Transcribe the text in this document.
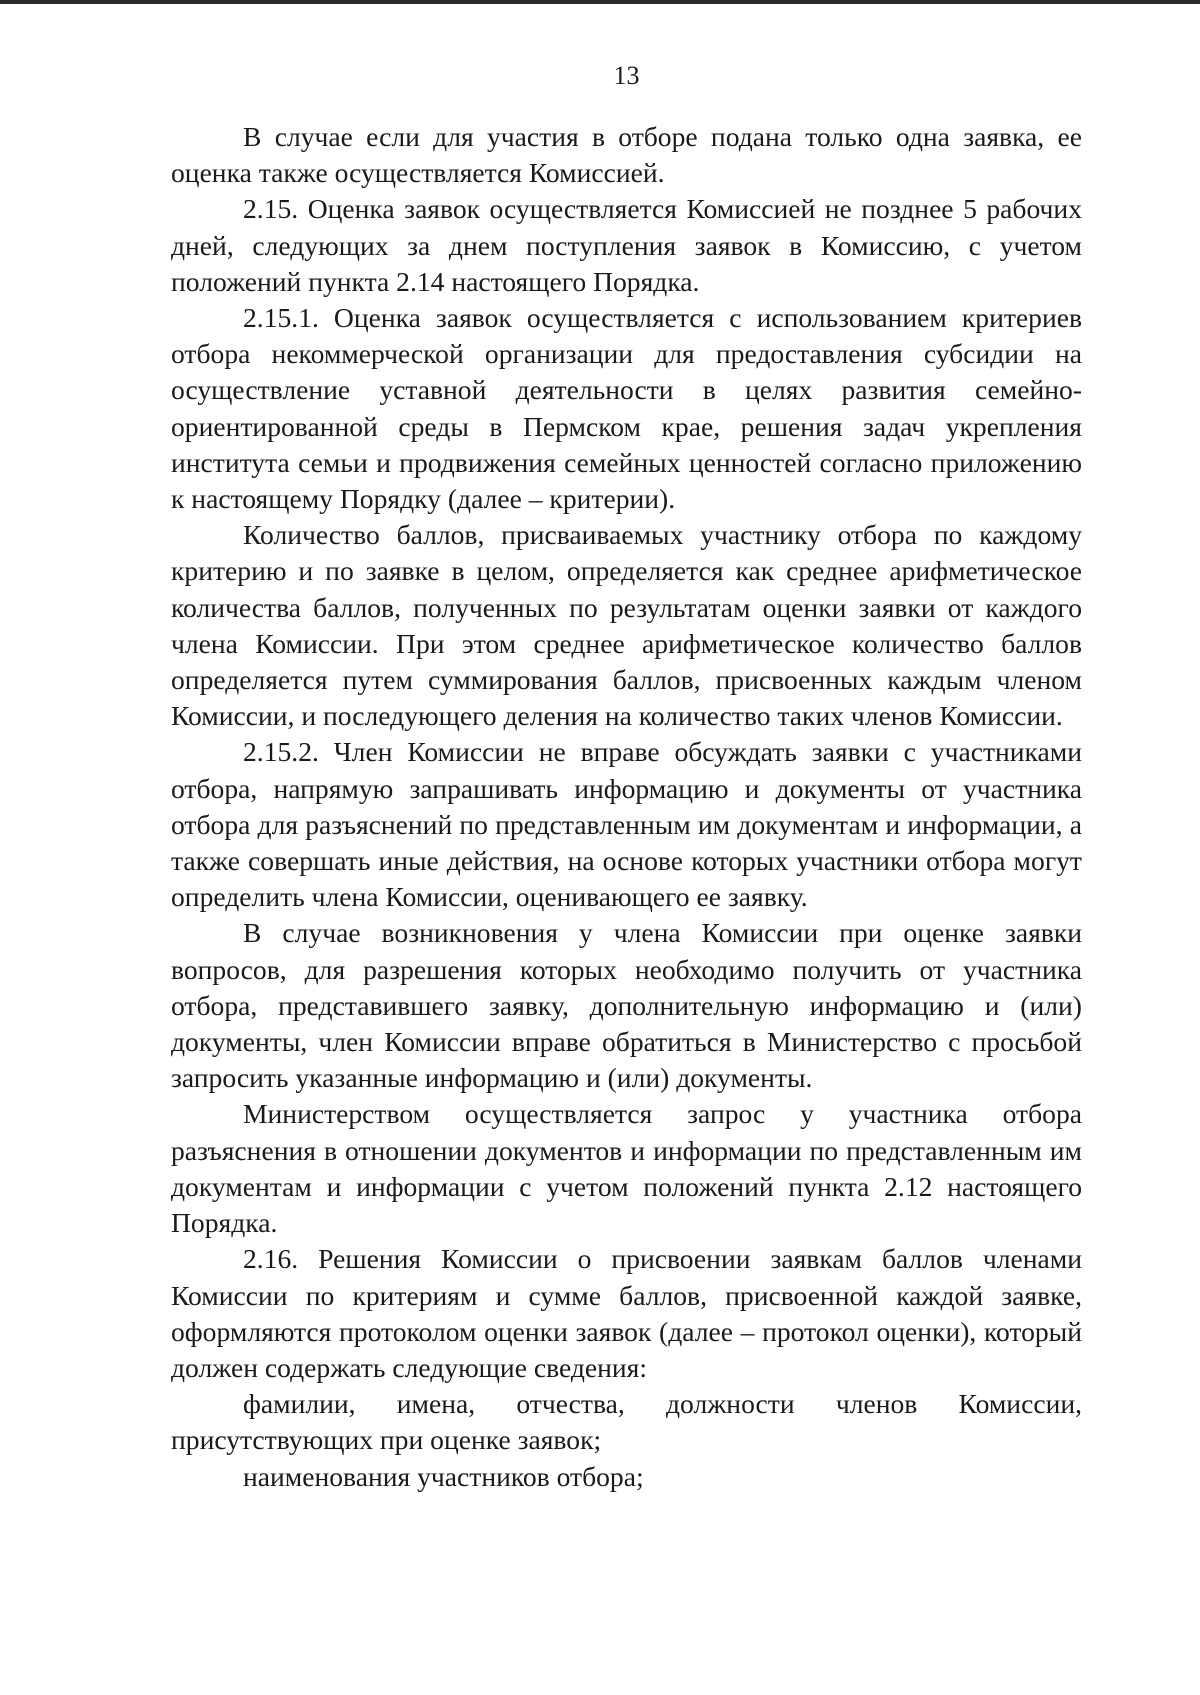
13

В случае если для участия в отборе подана только одна заявка, ее оценка также осуществляется Комиссией.

2.15. Оценка заявок осуществляется Комиссией не позднее 5 рабочих дней, следующих за днем поступления заявок в Комиссию, с учетом положений пункта 2.14 настоящего Порядка.

2.15.1. Оценка заявок осуществляется с использованием критериев отбора некоммерческой организации для предоставления субсидии на осуществление уставной деятельности в целях развития семейно-ориентированной среды в Пермском крае, решения задач укрепления института семьи и продвижения семейных ценностей согласно приложению к настоящему Порядку (далее – критерии).

Количество баллов, присваиваемых участнику отбора по каждому критерию и по заявке в целом, определяется как среднее арифметическое количества баллов, полученных по результатам оценки заявки от каждого члена Комиссии. При этом среднее арифметическое количество баллов определяется путем суммирования баллов, присвоенных каждым членом Комиссии, и последующего деления на количество таких членов Комиссии.

2.15.2. Член Комиссии не вправе обсуждать заявки с участниками отбора, напрямую запрашивать информацию и документы от участника отбора для разъяснений по представленным им документам и информации, а также совершать иные действия, на основе которых участники отбора могут определить члена Комиссии, оценивающего ее заявку.

В случае возникновения у члена Комиссии при оценке заявки вопросов, для разрешения которых необходимо получить от участника отбора, представившего заявку, дополнительную информацию и (или) документы, член Комиссии вправе обратиться в Министерство с просьбой запросить указанные информацию и (или) документы.

Министерством осуществляется запрос у участника отбора разъяснения в отношении документов и информации по представленным им документам и информации с учетом положений пункта 2.12 настоящего Порядка.

2.16. Решения Комиссии о присвоении заявкам баллов членами Комиссии по критериям и сумме баллов, присвоенной каждой заявке, оформляются протоколом оценки заявок (далее – протокол оценки), который должен содержать следующие сведения:

фамилии, имена, отчества, должности членов Комиссии, присутствующих при оценке заявок;

наименования участников отбора;
